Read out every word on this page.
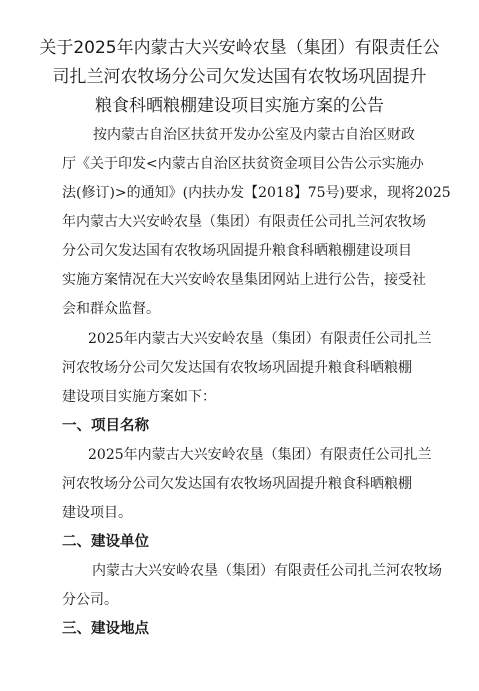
关于2025年内蒙古大兴安岭农垦（集团）有限责任公
司扎兰河农牧场分公司欠发达国有农牧场巩固提升
粮食科晒粮棚建设项目实施方案的公告
按内蒙古自治区扶贫开发办公室及内蒙古自治区财政
厅《关于印发<内蒙古自治区扶贫资金项目公告公示实施办
法(修订)>的通知》(内扶办发【2018】75号)要求，现将2025
年内蒙古大兴安岭农垦（集团）有限责任公司扎兰河农牧场
分公司欠发达国有农牧场巩固提升粮食科晒粮棚建设项目
实施方案情况在大兴安岭农垦集团网站上进行公告，接受社
会和群众监督。
2025年内蒙古大兴安岭农垦（集团）有限责任公司扎兰
河农牧场分公司欠发达国有农牧场巩固提升粮食科晒粮棚
建设项目实施方案如下：
一、项目名称
2025年内蒙古大兴安岭农垦（集团）有限责任公司扎兰
河农牧场分公司欠发达国有农牧场巩固提升粮食科晒粮棚
建设项目。
二、建设单位
内蒙古大兴安岭农垦（集团）有限责任公司扎兰河农牧场
分公司。
三、建设地点
